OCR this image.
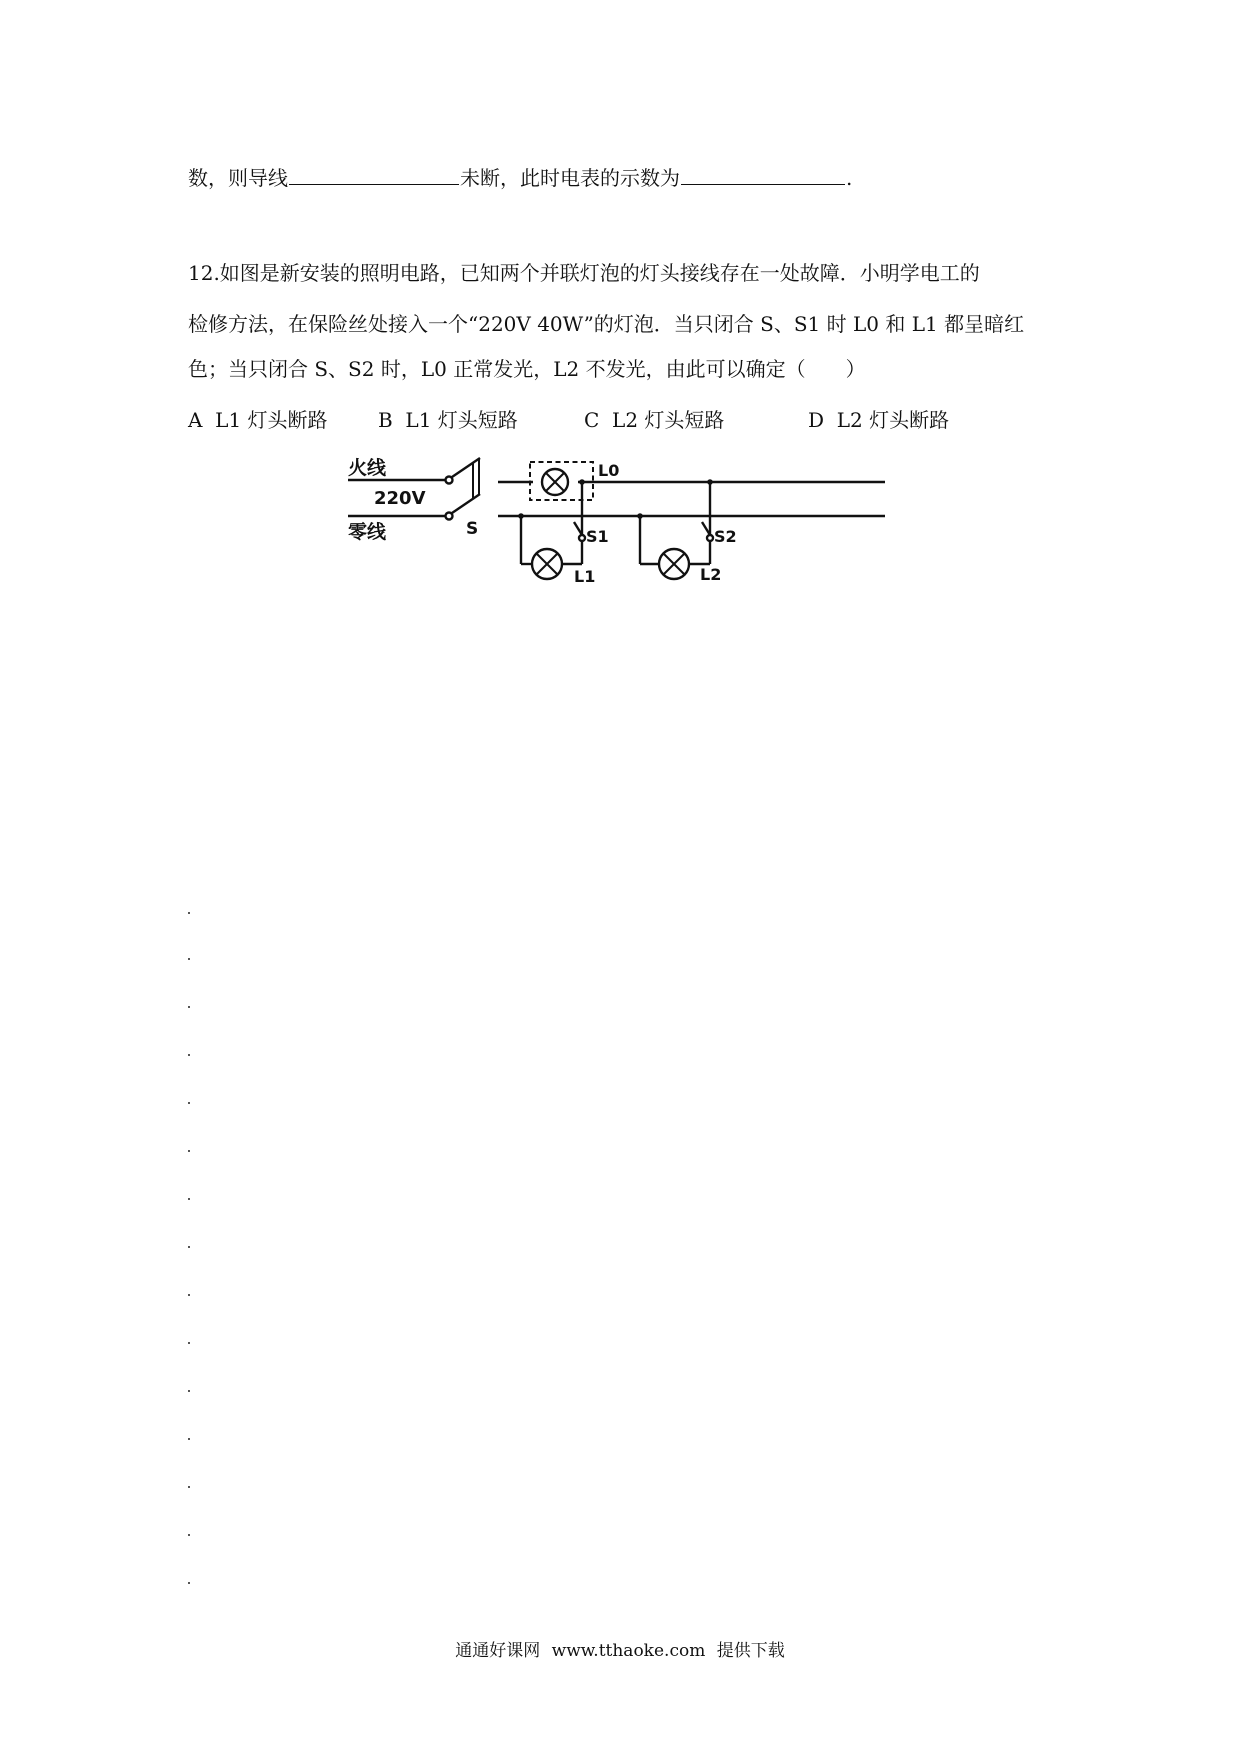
数，则导线	未断，此时电表的示数为	.
12.如图是新安装的照明电路，已知两个并联灯泡的灯头接线存在一处故障．小明学电工的
检修方法，在保险丝处接入一个“220V 40W”的灯泡．当只闭合 S、S1 时 L0 和 L1 都呈暗红
色；当只闭合 S、S2 时，L0 正常发光，L2 不发光，由此可以确定（　　）
A L1 灯头断路	B L1 灯头短路	C L2 灯头短路	D L2 灯头断路
火线
220V
零线	S
L0
S1
L1
S2
L2
通通好课网 www.tthaoke.com 提供下载
